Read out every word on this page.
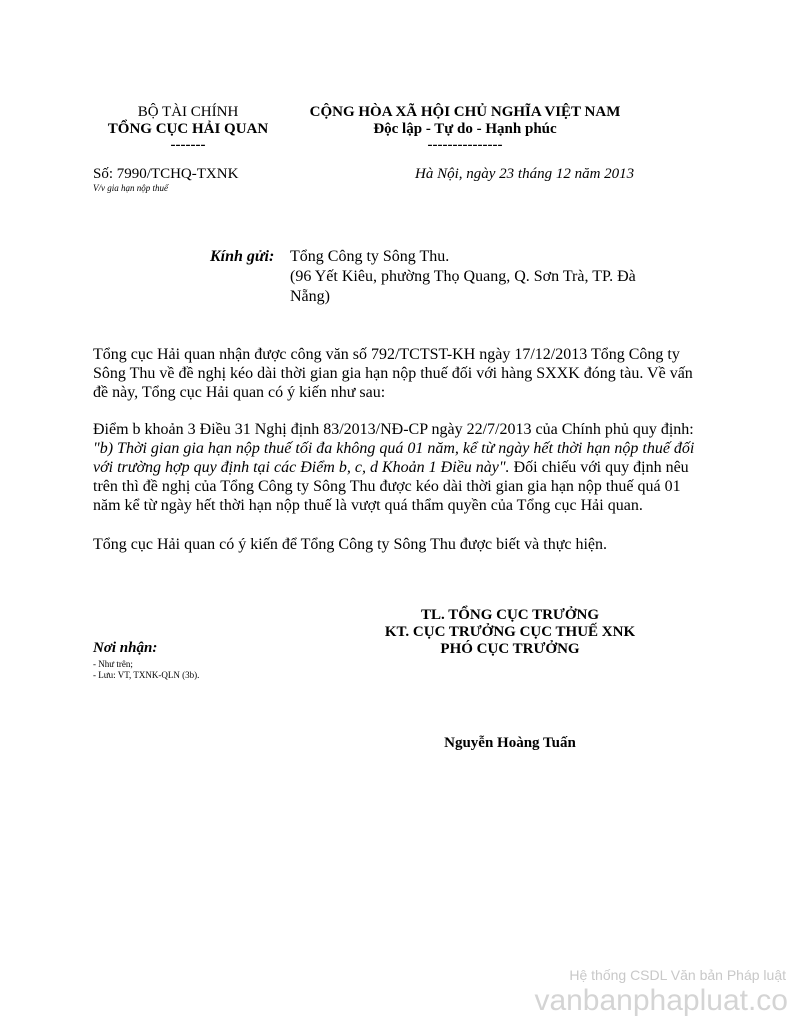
BỘ TÀI CHÍNH
TỔNG CỤC HẢI QUAN
-------
CỘNG HÒA XÃ HỘI CHỦ NGHĨA VIỆT NAM
Độc lập - Tự do - Hạnh phúc
---------------
Số: 7990/TCHQ-TXNK
V/v gia hạn nộp thuế
Hà Nội, ngày 23 tháng 12 năm 2013
Kính gửi: Tổng Công ty Sông Thu.
(96 Yết Kiêu, phường Thọ Quang, Q. Sơn Trà, TP. Đà Nẵng)

Tổng cục Hải quan nhận được công văn số 792/TCTST-KH ngày 17/12/2013 Tổng Công ty Sông Thu về đề nghị kéo dài thời gian gia hạn nộp thuế đối với hàng SXXK đóng tàu. Về vấn đề này, Tổng cục Hải quan có ý kiến như sau:

Điểm b khoản 3 Điều 31 Nghị định 83/2013/NĐ-CP ngày 22/7/2013 của Chính phủ quy định:
"b) Thời gian gia hạn nộp thuế tối đa không quá 01 năm, kể từ ngày hết thời hạn nộp thuế đối với trường hợp quy định tại các Điểm b, c, d Khoản 1 Điều này". Đối chiếu với quy định nêu trên thì đề nghị của Tổng Công ty Sông Thu được kéo dài thời gian gia hạn nộp thuế quá 01 năm kể từ ngày hết thời hạn nộp thuế là vượt quá thẩm quyền của Tổng cục Hải quan.

Tổng cục Hải quan có ý kiến để Tổng Công ty Sông Thu được biết và thực hiện.

TL. TỔNG CỤC TRƯỞNG
KT. CỤC TRƯỞNG CỤC THUẾ XNK
PHÓ CỤC TRƯỞNG
Nguyễn Hoàng Tuấn
Nơi nhận:
- Như trên;
- Lưu: VT, TXNK-QLN (3b).
Hệ thống CSDL Văn bản Pháp luật
vanbanphapluat.co
